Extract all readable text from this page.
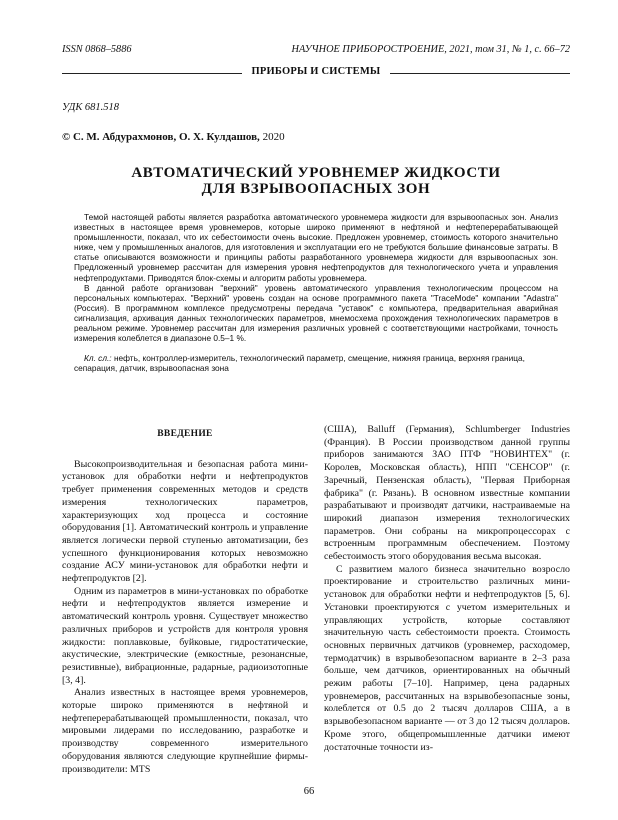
ISSN 0868–5886	НАУЧНОЕ ПРИБОРОСТРОЕНИЕ, 2021, том 31, № 1, с. 66–72
ПРИБОРЫ И СИСТЕМЫ
УДК 681.518
© С. М. Абдурахмонов, О. Х. Кулдашов, 2020
АВТОМАТИЧЕСКИЙ УРОВНЕМЕР ЖИДКОСТИ
ДЛЯ ВЗРЫВООПАСНЫХ ЗОН

Темой настоящей работы является разработка автоматического уровнемера жидкости для взрывоопасных зон. Анализ известных в настоящее время уровнемеров, которые широко применяют в нефтяной и нефтеперерабатывающей промышленности, показал, что их себестоимости очень высокие. Предложен уровнемер, стоимость которого значительно ниже, чем у промышленных аналогов, для изготовления и эксплуатации его не требуются большие финансовые затраты. В статье описываются возможности и принципы работы разработанного уровнемера жидкости для взрывоопасных зон. Предложенный уровнемер рассчитан для измерения уровня нефтепродуктов для технологического учета и управления нефтепродуктами. Приводятся блок-схемы и алгоритм работы уровнемера.

В данной работе организован "верхний" уровень автоматического управления технологическим процессом на персональных компьютерах. "Верхний" уровень создан на основе программного пакета "TraceMode" компании "Adastra" (Россия). В программном комплексе предусмотрены передача "уставок" с компьютера, предварительная аварийная сигнализация, архивация данных технологических параметров, мнемосхема прохождения технологических параметров в реальном режиме. Уровнемер рассчитан для измерения различных уровней с соответствующими настройками, точность измерения колеблется в диапазоне 0.5–1 %.

Кл. сл.: нефть, контроллер-измеритель, технологический параметр, смещение, нижняя граница, верхняя граница, сепарация, датчик, взрывоопасная зона
ВВЕДЕНИЕ

Высокопроизводительная и безопасная работа мини-установок для обработки нефти и нефтепродуктов требует применения современных методов и средств измерения технологических параметров, характеризующих ход процесса и состояние оборудования [1]. Автоматический контроль и управление является логически первой ступенью автоматизации, без успешного функционирования которых невозможно создание АСУ мини-установок для обработки нефти и нефтепродуктов [2].

Одним из параметров в мини-установках по обработке нефти и нефтепродуктов является измерение и автоматический контроль уровня. Существует множество различных приборов и устройств для контроля уровня жидкости: поплавковые, буйковые, гидростатические, акустические, электрические (емкостные, резонансные, резистивные), вибрационные, радарные, радиоизотопные [3, 4].

Анализ известных в настоящее время уровнемеров, которые широко применяются в нефтяной и нефтеперерабатывающей промышленности, показал, что мировыми лидерами по исследованию, разработке и производству современного измерительного оборудования являются следующие крупнейшие фирмы-производители: MTS

(США), Balluff (Германия), Schlumberger Industries (Франция). В России производством данной группы приборов занимаются ЗАО ПТФ "НОВИНТЕХ" (г. Королев, Московская область), НПП "СЕНСОР" (г. Заречный, Пензенская область), "Первая Приборная фабрика" (г. Рязань). В основном известные компании разрабатывают и производят датчики, настраиваемые на широкий диапазон измерения технологических параметров. Они собраны на микропроцессорах с встроенным программным обеспечением. Поэтому себестоимость этого оборудования весьма высокая.

С развитием малого бизнеса значительно возросло проектирование и строительство различных мини-установок для обработки нефти и нефтепродуктов [5, 6]. Установки проектируются с учетом измерительных и управляющих устройств, которые составляют значительную часть себестоимости проекта. Стоимость основных первичных датчиков (уровнемер, расходомер, термодатчик) в взрывобезопасном варианте в 2–3 раза больше, чем датчиков, ориентированных на обычный режим работы [7–10]. Например, цена радарных уровнемеров, рассчитанных на взрывобезопасные зоны, колеблется от 0.5 до 2 тысяч долларов США, а в взрывобезопасном варианте — от 3 до 12 тысяч долларов. Кроме этого, общепромышленные датчики имеют достаточные точности из-

66
